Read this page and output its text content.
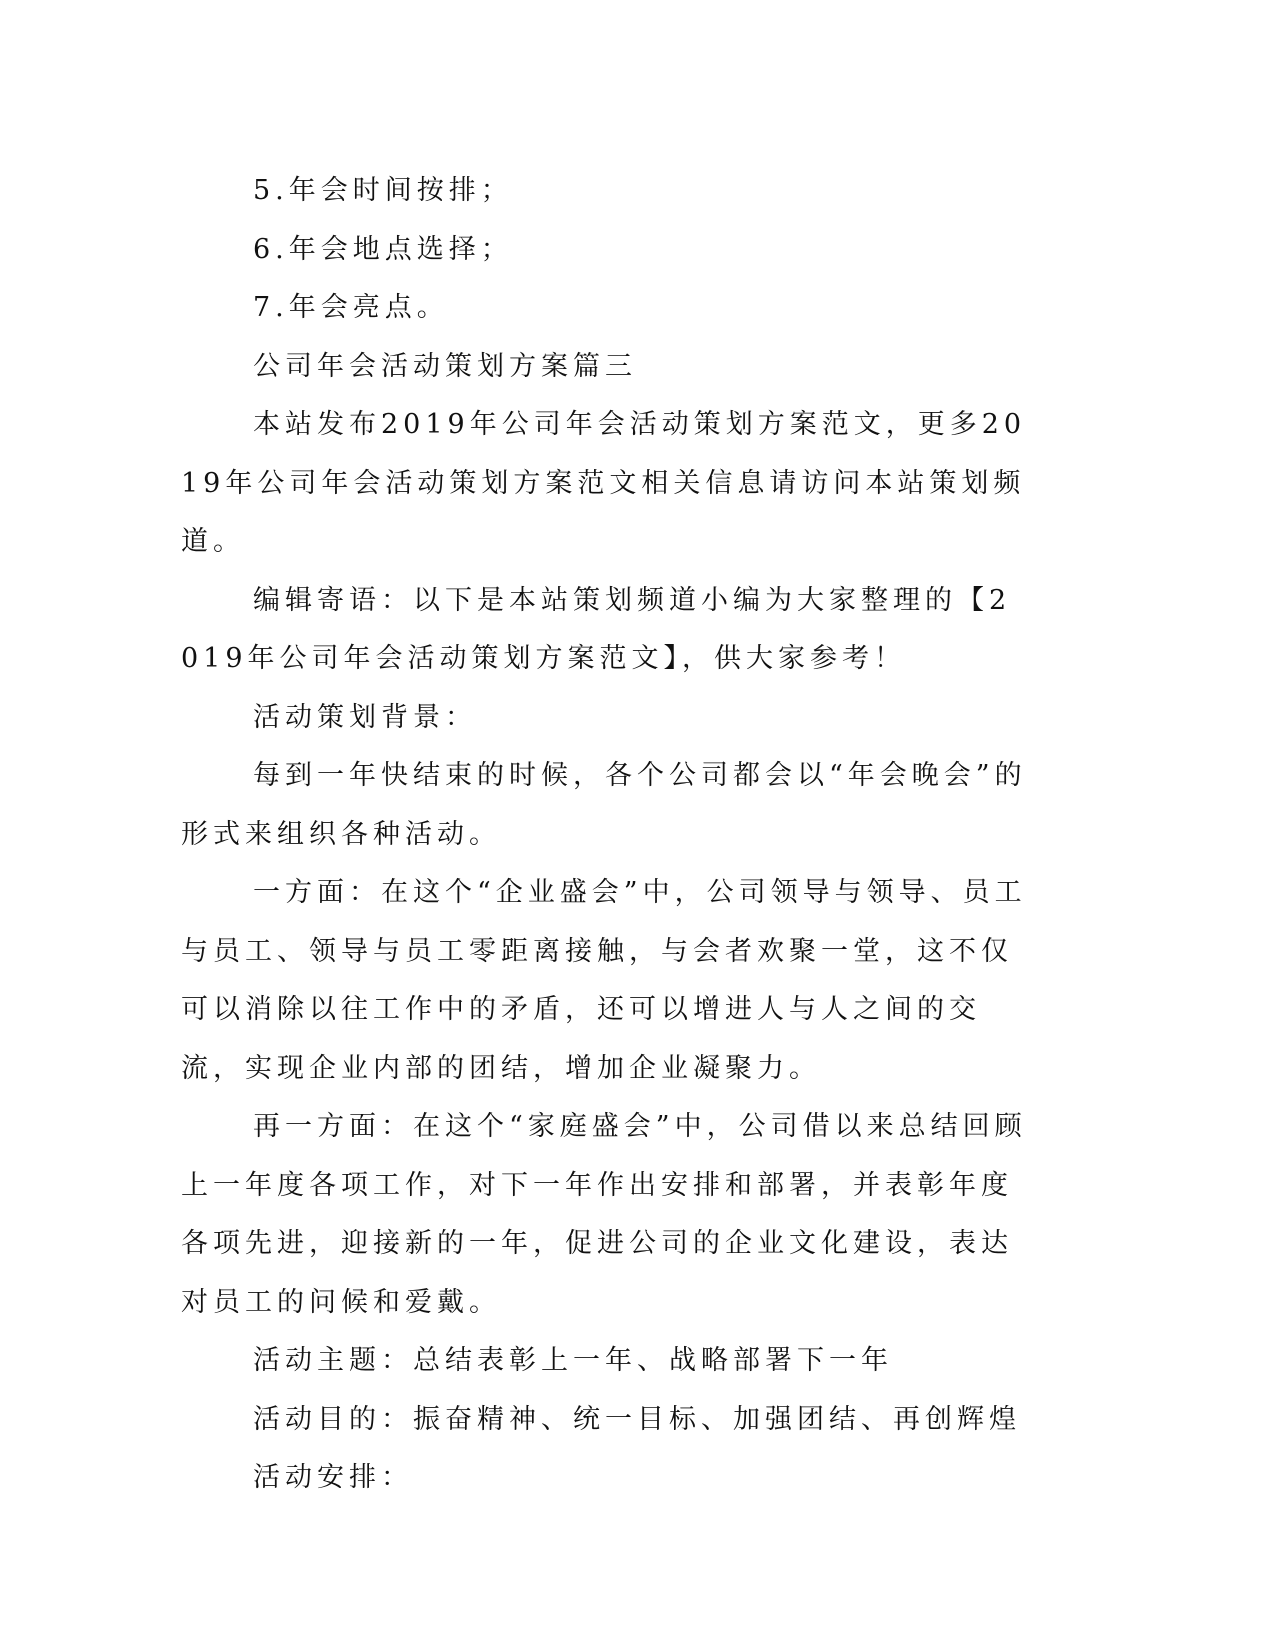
5.年会时间按排；

6.年会地点选择；

7.年会亮点。

公司年会活动策划方案篇三

本站发布2019年公司年会活动策划方案范文，更多2019年公司年会活动策划方案范文相关信息请访问本站策划频道。

编辑寄语：以下是本站策划频道小编为大家整理的【2019年公司年会活动策划方案范文】，供大家参考！

活动策划背景：

每到一年快结束的时候，各个公司都会以“年会晚会”的形式来组织各种活动。

一方面：在这个“企业盛会”中，公司领导与领导、员工与员工、领导与员工零距离接触，与会者欢聚一堂，这不仅可以消除以往工作中的矛盾，还可以增进人与人之间的交流，实现企业内部的团结，增加企业凝聚力。

再一方面：在这个“家庭盛会”中，公司借以来总结回顾上一年度各项工作，对下一年作出安排和部署，并表彰年度各项先进，迎接新的一年，促进公司的企业文化建设，表达对员工的问候和爱戴。

活动主题：总结表彰上一年、战略部署下一年

活动目的：振奋精神、统一目标、加强团结、再创辉煌

活动安排：
